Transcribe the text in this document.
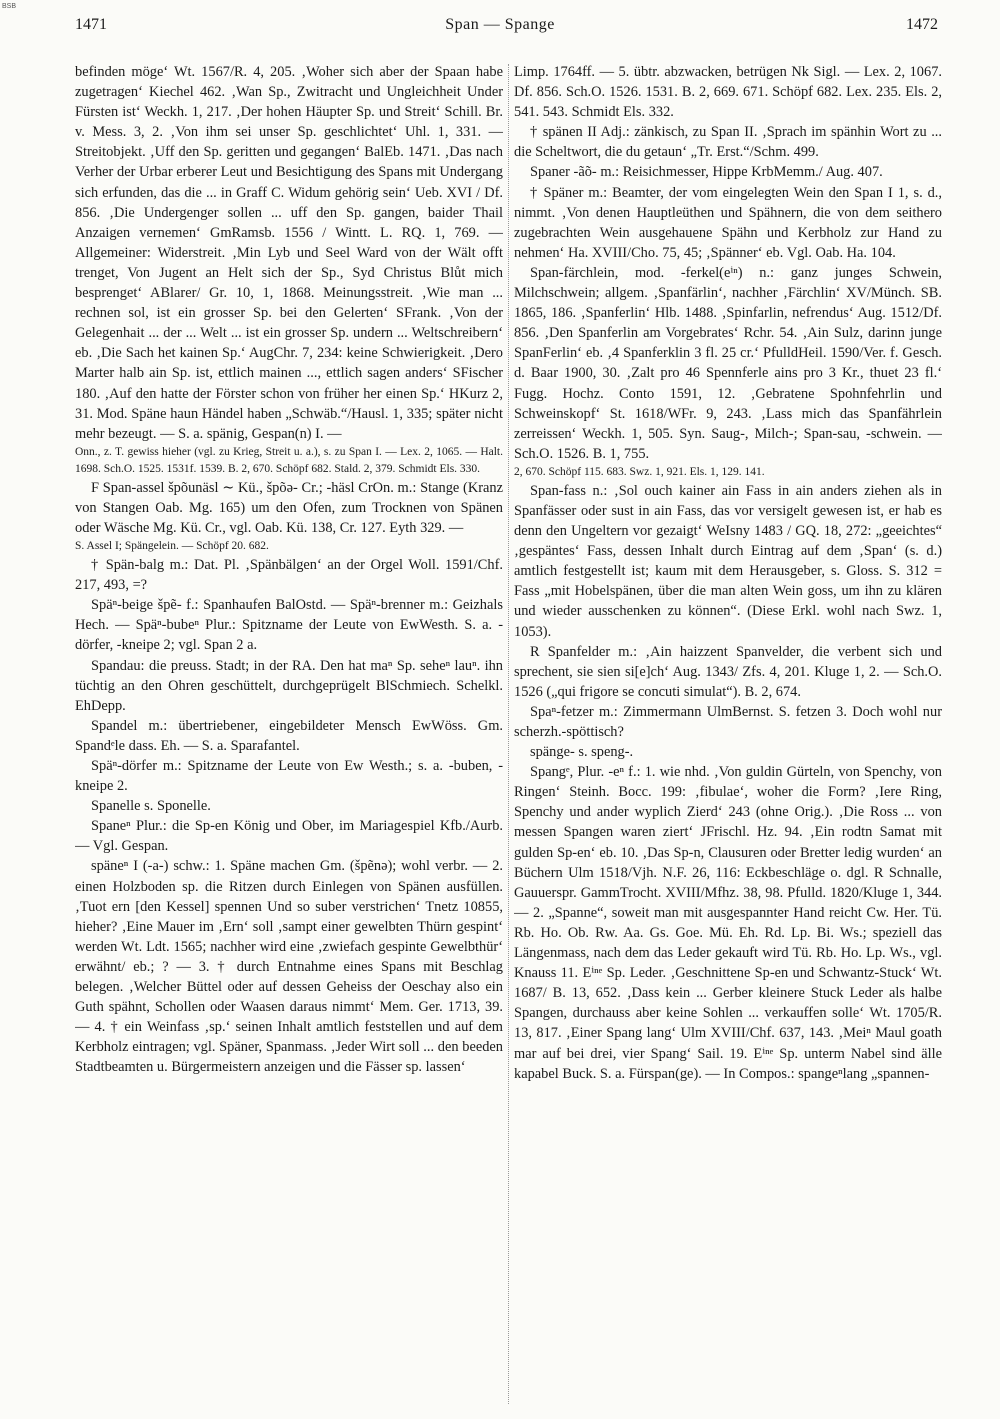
BSB
1471	Span — Spange	1472

befinden möge‘ Wt. 1567/R. 4, 205. ‚Woher sich aber der Spaan habe zugetragen‘ Kiechel 462. ‚Wan Sp., Zwitracht und Ungleichheit Under Fürsten ist‘ Weckh. 1, 217. ‚Der hohen Häupter Sp. und Streit‘ Schill. Br. v. Mess. 3, 2. ‚Von ihm sei unser Sp. geschlichtet‘ Uhl. 1, 331. — Streitobjekt. ‚Uff den Sp. geritten und gegangen‘ BalEb. 1471. ‚Das nach Verher der Urbar erberer Leut und Besichtigung des Spans mit Undergang sich erfunden, das die ... in Graff C. Widum gehörig sein‘ Ueb. XVI / Df. 856. ‚Die Undergenger sollen ... uff den Sp. gangen, baider Thail Anzaigen vernemen‘ GmRamsb. 1556 / Wintt. L. RQ. 1, 769. — Allgemeiner: Widerstreit. ‚Min Lyb und Seel Ward von der Wält offt trenget, Von Jugent an Helt sich der Sp., Syd Christus Blůt mich besprenget‘ ABlarer/ Gr. 10, 1, 1868. Meinungsstreit. ‚Wie man ... rechnen sol, ist ein grosser Sp. bei den Gelerten‘ SFrank. ‚Von der Gelegenhait ... der ... Welt ... ist ein grosser Sp. undern ... Weltschreibern‘ eb. ‚Die Sach het kainen Sp.‘ AugChr. 7, 234: keine Schwierigkeit. ‚Dero Marter halb ain Sp. ist, ettlich mainen ..., ettlich sagen anders‘ SFischer 180. ‚Auf den hatte der Förster schon von früher her einen Sp.‘ HKurz 2, 31. Mod. Späne haun Händel haben „Schwäb.“/Hausl. 1, 335; später nicht mehr bezeugt. — S. a. spänig, Gespan(n) I. —

Onn., z. T. gewiss hieher (vgl. zu Krieg, Streit u. a.), s. zu Span I. — Lex. 2, 1065. — Halt. 1698. Sch.O. 1525. 1531f. 1539. B. 2, 670. Schöpf 682. Stald. 2, 379. Schmidt Els. 330.

F Span-assel špõunäsl ∼ Kü., špõə- Cr.; -häsl CrOn. m.: Stange (Kranz von Stangen Oab. Mg. 165) um den Ofen, zum Trocknen von Spänen oder Wäsche Mg. Kü. Cr., vgl. Oab. Kü. 138, Cr. 127. Eyth 329. —

S. Assel I; Spängelein. — Schöpf 20. 682.

† Spän-balg m.: Dat. Pl. ‚Spänbälgen‘ an der Orgel Woll. 1591/Chf. 217, 493, =?

Späⁿ-beige špẽ- f.: Spanhaufen BalOstd. — Späⁿ-brenner m.: Geizhals Hech. — Späⁿ-bubeⁿ Plur.: Spitzname der Leute von EwWesth. S. a. -dörfer, -kneipe 2; vgl. Span 2 a.

Spandau: die preuss. Stadt; in der RA. Den hat maⁿ Sp. seheⁿ lauⁿ. ihn tüchtig an den Ohren geschüttelt, durchgeprügelt BlSchmiech. Schelkl. EhDepp.

Spandel m.: übertriebener, eingebildeter Mensch EwWöss. Gm. Spandᵉle dass. Eh. — S. a. Sparafantel.

Späⁿ-dörfer m.: Spitzname der Leute von Ew Westh.; s. a. -buben, -kneipe 2.

Spanelle s. Sponelle.

Spaneⁿ Plur.: die Sp-en König und Ober, im Mariagespiel Kfb./Aurb. — Vgl. Gespan.

späneⁿ I (-a-) schw.: 1. Späne machen Gm. (špẽnə); wohl verbr. — 2. einen Holzboden sp. die Ritzen durch Einlegen von Spänen ausfüllen. ‚Tuot ern [den Kessel] spennen Und so suber verstrichen‘ Tnetz 10855, hieher? ‚Eine Mauer im ‚Ern‘ soll ‚sampt einer gewelbten Thürn gespint‘ werden Wt. Ldt. 1565; nachher wird eine ‚zwiefach gespinte Gewelbthür‘ erwähnt/ eb.; ? — 3. † durch Entnahme eines Spans mit Beschlag belegen. ‚Welcher Büttel oder auf dessen Geheiss der Oeschay also ein Guth spähnt, Schollen oder Waasen daraus nimmt‘ Mem. Ger. 1713, 39. — 4. † ein Weinfass ‚sp.‘ seinen Inhalt amtlich feststellen und auf dem Kerbholz eintragen; vgl. Späner, Spanmass. ‚Jeder Wirt soll ... den beeden Stadtbeamten u. Bürgermeistern anzeigen und die Fässer sp. lassen‘

Limp. 1764ff. — 5. übtr. abzwacken, betrügen Nk Sigl. — Lex. 2, 1067. Df. 856. Sch.O. 1526. 1531. B. 2, 669. 671. Schöpf 682. Lex. 235. Els. 2, 541. 543. Schmidt Els. 332.

† spänen II Adj.: zänkisch, zu Span II. ‚Sprach im spänhin Wort zu ... die Scheltwort, die du getaun‘ „Tr. Erst.“/Schm. 499.

Spaner -ãõ- m.: Reisichmesser, Hippe KrbMemm./ Aug. 407.

† Späner m.: Beamter, der vom eingelegten Wein den Span I 1, s. d., nimmt. ‚Von denen Hauptleüthen und Spähnern, die von dem seithero zugebrachten Wein ausgehauene Spähn und Kerbholz zur Hand zu nehmen‘ Ha. XVIII/Cho. 75, 45; ‚Spänner‘ eb. Vgl. Oab. Ha. 104.

Span-färchlein, mod. -ferkel(eⁱⁿ) n.: ganz junges Schwein, Milchschwein; allgem. ‚Spanfärlin‘, nachher ‚Färchlin‘ XV/Münch. SB. 1865, 186. ‚Spanferlin‘ Hlb. 1488. ‚Spinfarlin, nefrendus‘ Aug. 1512/Df. 856. ‚Den Spanferlin am Vorgebrates‘ Rchr. 54. ‚Ain Sulz, darinn junge SpanFerlin‘ eb. ‚4 Spanferklin 3 fl. 25 cr.‘ PfulldHeil. 1590/Ver. f. Gesch. d. Baar 1900, 30. ‚Zalt pro 46 Spennferle ains pro 3 Kr., thuet 23 fl.‘ Fugg. Hochz. Conto 1591, 12. ‚Gebratene Spohnfehrlin und Schweinskopf‘ St. 1618/WFr. 9, 243. ‚Lass mich das Spanfährlein zerreissen‘ Weckh. 1, 505. Syn. Saug-, Milch-; Span-sau, -schwein. — Sch.O. 1526. B. 1, 755.

2, 670. Schöpf 115. 683. Swz. 1, 921. Els. 1, 129. 141.

Span-fass n.: ‚Sol ouch kainer ain Fass in ain anders ziehen als in Spanfässer oder sust in ain Fass, das vor versigelt gewesen ist, er hab es denn den Ungeltern vor gezaigt‘ WeIsny 1483 / GQ. 18, 272: „geeichtes“ ‚gespäntes‘ Fass, dessen Inhalt durch Eintrag auf dem ‚Span‘ (s. d.) amtlich festgestellt ist; kaum mit dem Herausgeber, s. Gloss. S. 312 = Fass „mit Hobelspänen, über die man alten Wein goss, um ihn zu klären und wieder ausschenken zu können“. (Diese Erkl. wohl nach Swz. 1, 1053).

R Spanfelder m.: ‚Ain haizzent Spanvelder, die verbent sich und sprechent, sie sien si[e]ch‘ Aug. 1343/ Zfs. 4, 201. Kluge 1, 2. — Sch.O. 1526 („qui frigore se concuti simulat“). B. 2, 674.

Spaⁿ-fetzer m.: Zimmermann UlmBernst. S. fetzen 3. Doch wohl nur scherzh.-spöttisch?

spänge- s. speng-.

Spangᵉ, Plur. -eⁿ f.: 1. wie nhd. ‚Von guldin Gürteln, von Spenchy, von Ringen‘ Steinh. Bocc. 199: ‚fibulae‘, woher die Form? ‚Iere Ring, Spenchy und ander wyplich Zierd‘ 243 (ohne Orig.). ‚Die Ross ... von messen Spangen waren ziert‘ JFrischl. Hz. 94. ‚Ein rodtn Samat mit gulden Sp-en‘ eb. 10. ‚Das Sp-n, Clausuren oder Bretter ledig wurden‘ an Büchern Ulm 1518/Vjh. N.F. 26, 116: Eckbeschläge o. dgl. R Schnalle, Gauuerspr. GammTrocht. XVIII/Mfhz. 38, 98. Pfulld. 1820/Kluge 1, 344. — 2. „Spanne“, soweit man mit ausgespannter Hand reicht Cw. Her. Tü. Rb. Ho. Ob. Rw. Aa. Gs. Goe. Mü. Eh. Rd. Lp. Bi. Ws.; speziell das Längenmass, nach dem das Leder gekauft wird Tü. Rb. Ho. Lp. Ws., vgl. Knauss 11. Eⁱⁿᵉ Sp. Leder. ‚Geschnittene Sp-en und Schwantz-Stuck‘ Wt. 1687/ B. 13, 652. ‚Dass kein ... Gerber kleinere Stuck Leder als halbe Spangen, durchauss aber keine Sohlen ... verkauffen solle‘ Wt. 1705/R. 13, 817. ‚Einer Spang lang‘ Ulm XVIII/Chf. 637, 143. ‚Meiⁿ Maul goath mar auf bei drei, vier Spang‘ Sail. 19. Eⁱⁿᵉ Sp. unterm Nabel sind älle kapabel Buck. S. a. Fürspan(ge). — In Compos.: spangeⁿlang „spannen-
